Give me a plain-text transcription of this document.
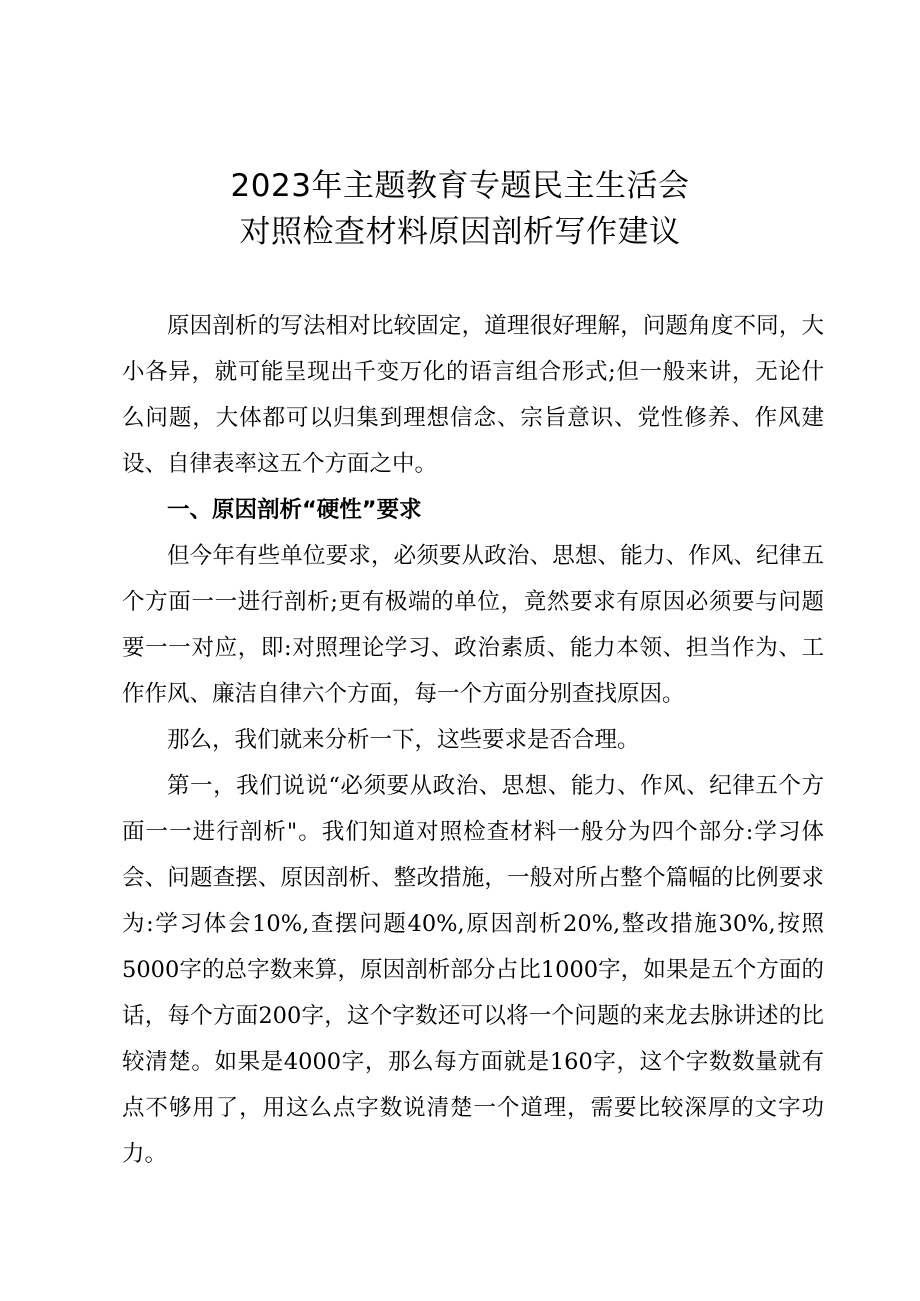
2023年主题教育专题民主生活会
对照检查材料原因剖析写作建议

原因剖析的写法相对比较固定，道理很好理解，问题角度不同，大小各异，就可能呈现出千变万化的语言组合形式;但一般来讲，无论什么问题，大体都可以归集到理想信念、宗旨意识、党性修养、作风建设、自律表率这五个方面之中。

一、原因剖析“硬性”要求

但今年有些单位要求，必须要从政治、思想、能力、作风、纪律五个方面一一进行剖析;更有极端的单位，竟然要求有原因必须要与问题要一一对应，即:对照理论学习、政治素质、能力本领、担当作为、工作作风、廉洁自律六个方面，每一个方面分别查找原因。

那么，我们就来分析一下，这些要求是否合理。

第一，我们说说“必须要从政治、思想、能力、作风、纪律五个方面一一进行剖析"。我们知道对照检查材料一般分为四个部分:学习体会、问题查摆、原因剖析、整改措施，一般对所占整个篇幅的比例要求为:学习体会10%,查摆问题40%,原因剖析20%,整改措施30%,按照5000字的总字数来算，原因剖析部分占比1000字，如果是五个方面的话，每个方面200字，这个字数还可以将一个问题的来龙去脉讲述的比较清楚。如果是4000字，那么每方面就是160字，这个字数数量就有点不够用了，用这么点字数说清楚一个道理，需要比较深厚的文字功力。
